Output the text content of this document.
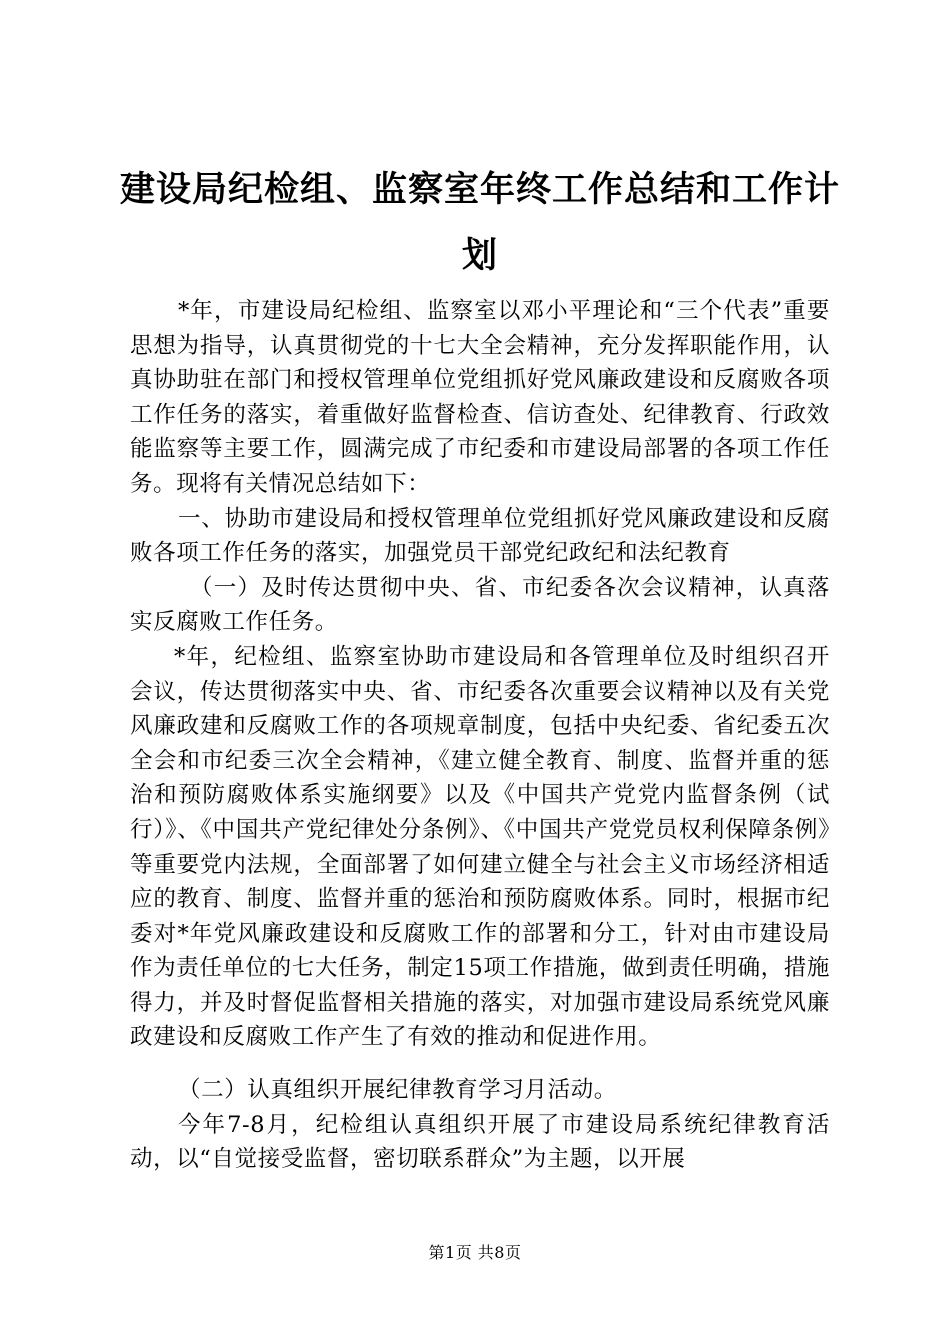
建设局纪检组、监察室年终工作总结和工作计划

*年，市建设局纪检组、监察室以邓小平理论和“三个代表”重要思想为指导，认真贯彻党的十七大全会精神，充分发挥职能作用，认真协助驻在部门和授权管理单位党组抓好党风廉政建设和反腐败各项工作任务的落实，着重做好监督检查、信访查处、纪律教育、行政效能监察等主要工作，圆满完成了市纪委和市建设局部署的各项工作任务。现将有关情况总结如下：

一、协助市建设局和授权管理单位党组抓好党风廉政建设和反腐败各项工作任务的落实，加强党员干部党纪政纪和法纪教育

（一）及时传达贯彻中央、省、市纪委各次会议精神，认真落实反腐败工作任务。

*年，纪检组、监察室协助市建设局和各管理单位及时组织召开会议，传达贯彻落实中央、省、市纪委各次重要会议精神以及有关党风廉政建和反腐败工作的各项规章制度，包括中央纪委、省纪委五次全会和市纪委三次全会精神，《建立健全教育、制度、监督并重的惩治和预防腐败体系实施纲要》以及《中国共产党党内监督条例（试行）》、《中国共产党纪律处分条例》、《中国共产党党员权利保障条例》等重要党内法规，全面部署了如何建立健全与社会主义市场经济相适应的教育、制度、监督并重的惩治和预防腐败体系。同时，根据市纪委对*年党风廉政建设和反腐败工作的部署和分工，针对由市建设局作为责任单位的七大任务，制定15项工作措施，做到责任明确，措施得力，并及时督促监督相关措施的落实，对加强市建设局系统党风廉政建设和反腐败工作产生了有效的推动和促进作用。

（二）认真组织开展纪律教育学习月活动。

今年7-8月，纪检组认真组织开展了市建设局系统纪律教育活动，以“自觉接受监督，密切联系群众”为主题，以开展

第1页 共8页
